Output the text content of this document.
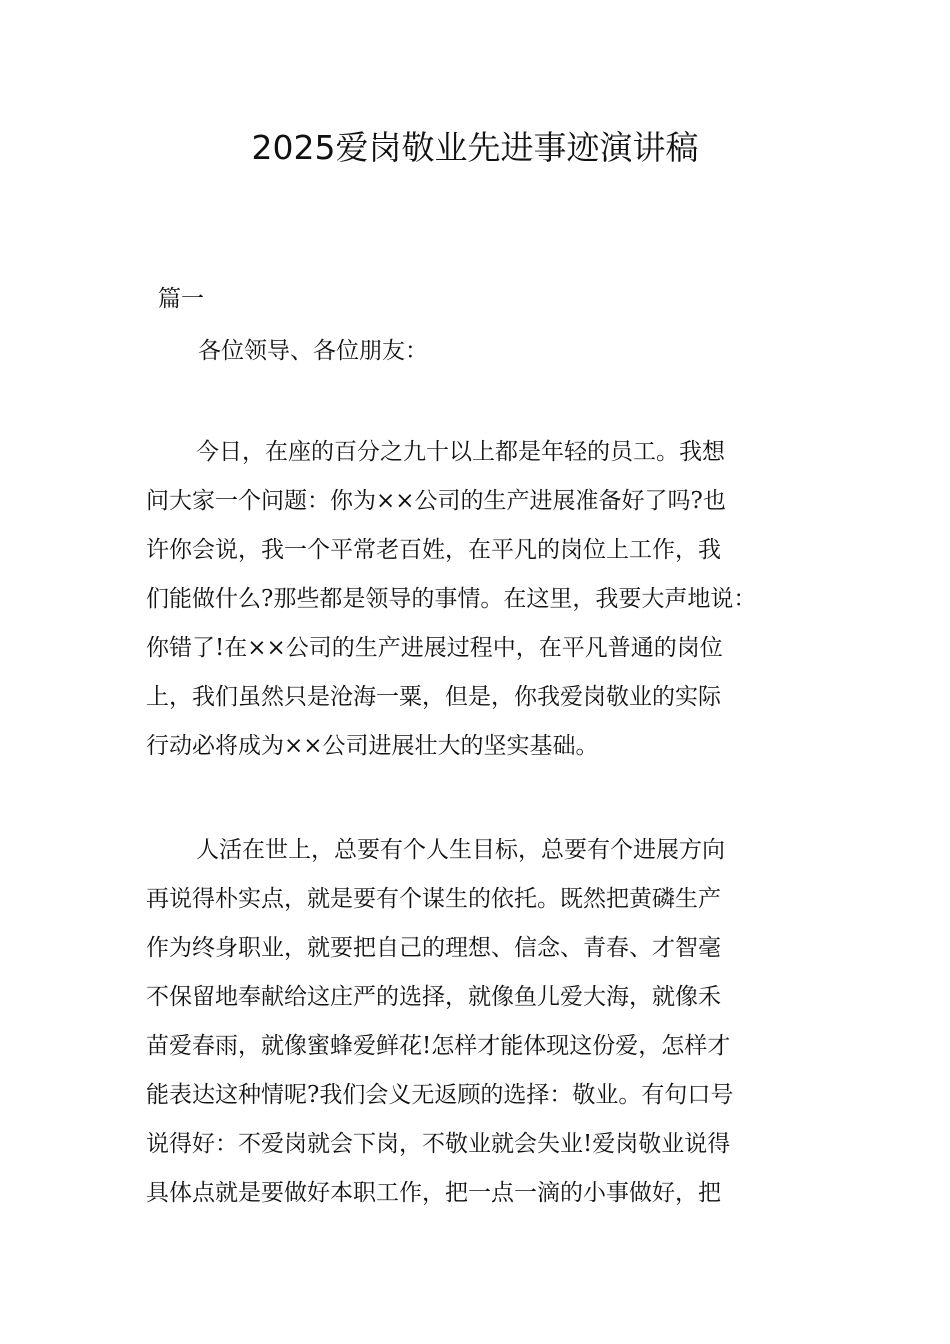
2025爱岗敬业先进事迹演讲稿
篇一
各位领导、各位朋友：
今日，在座的百分之九十以上都是年轻的员工。我想
问大家一个问题：你为××公司的生产进展准备好了吗?也
许你会说，我一个平常老百姓，在平凡的岗位上工作，我
们能做什么?那些都是领导的事情。在这里，我要大声地说：
你错了!在××公司的生产进展过程中，在平凡普通的岗位
上，我们虽然只是沧海一粟，但是，你我爱岗敬业的实际
行动必将成为××公司进展壮大的坚实基础。
人活在世上，总要有个人生目标，总要有个进展方向
再说得朴实点，就是要有个谋生的依托。既然把黄磷生产
作为终身职业，就要把自己的理想、信念、青春、才智毫
不保留地奉献给这庄严的选择，就像鱼儿爱大海，就像禾
苗爱春雨，就像蜜蜂爱鲜花!怎样才能体现这份爱，怎样才
能表达这种情呢?我们会义无返顾的选择：敬业。有句口号
说得好：不爱岗就会下岗，不敬业就会失业!爱岗敬业说得
具体点就是要做好本职工作，把一点一滴的小事做好，把
